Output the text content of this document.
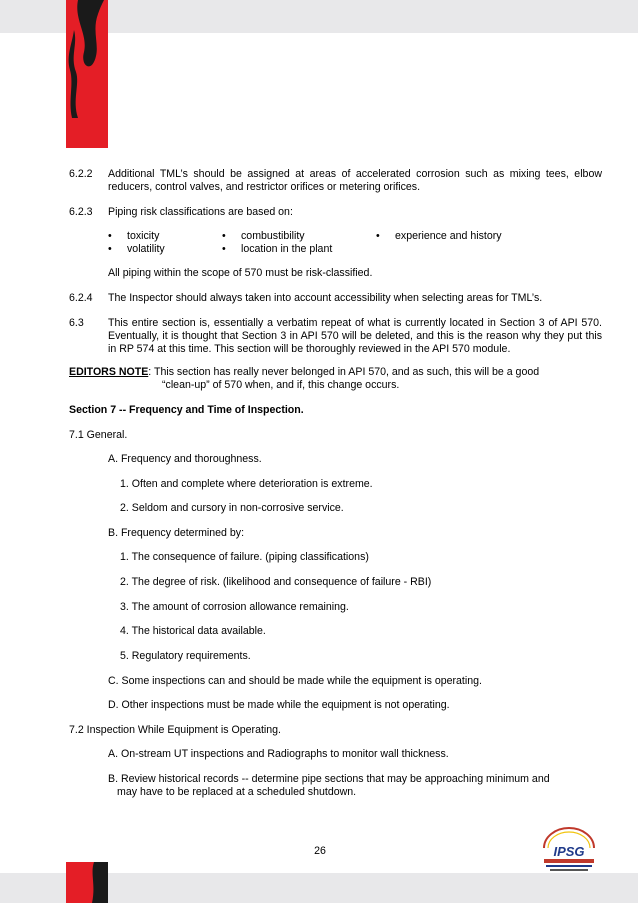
6.2.2 Additional TML’s should be assigned at areas of accelerated corrosion such as mixing tees, elbow reducers, control valves, and restrictor orifices or metering orifices.
6.2.3 Piping risk classifications are based on:
• toxicity	• combustibility	• experience and history
• volatility	• location in the plant
All piping within the scope of 570 must be risk-classified.
6.2.4 The Inspector should always taken into account accessibility when selecting areas for TML’s.
6.3 This entire section is, essentially a verbatim repeat of what is currently located in Section 3 of API 570. Eventually, it is thought that Section 3 in API 570 will be deleted, and this is the reason why they put this in RP 574 at this time. This section will be thoroughly reviewed in the API 570 module.
EDITORS NOTE: This section has really never belonged in API 570, and as such, this will be a good
“clean-up” of 570 when, and if, this change occurs.
Section 7 -- Frequency and Time of Inspection.
7.1 General.
A. Frequency and thoroughness.
1. Often and complete where deterioration is extreme.
2. Seldom and cursory in non-corrosive service.
B. Frequency determined by:
1. The consequence of failure. (piping classifications)
2. The degree of risk. (likelihood and consequence of failure - RBI)
3. The amount of corrosion allowance remaining.
4. The historical data available.
5. Regulatory requirements.
C. Some inspections can and should be made while the equipment is operating.
D. Other inspections must be made while the equipment is not operating.
7.2 Inspection While Equipment is Operating.
A. On-stream UT inspections and Radiographs to monitor wall thickness.
B. Review historical records -- determine pipe sections that may be approaching minimum and
may have to be replaced at a scheduled shutdown.
26	IPSG
